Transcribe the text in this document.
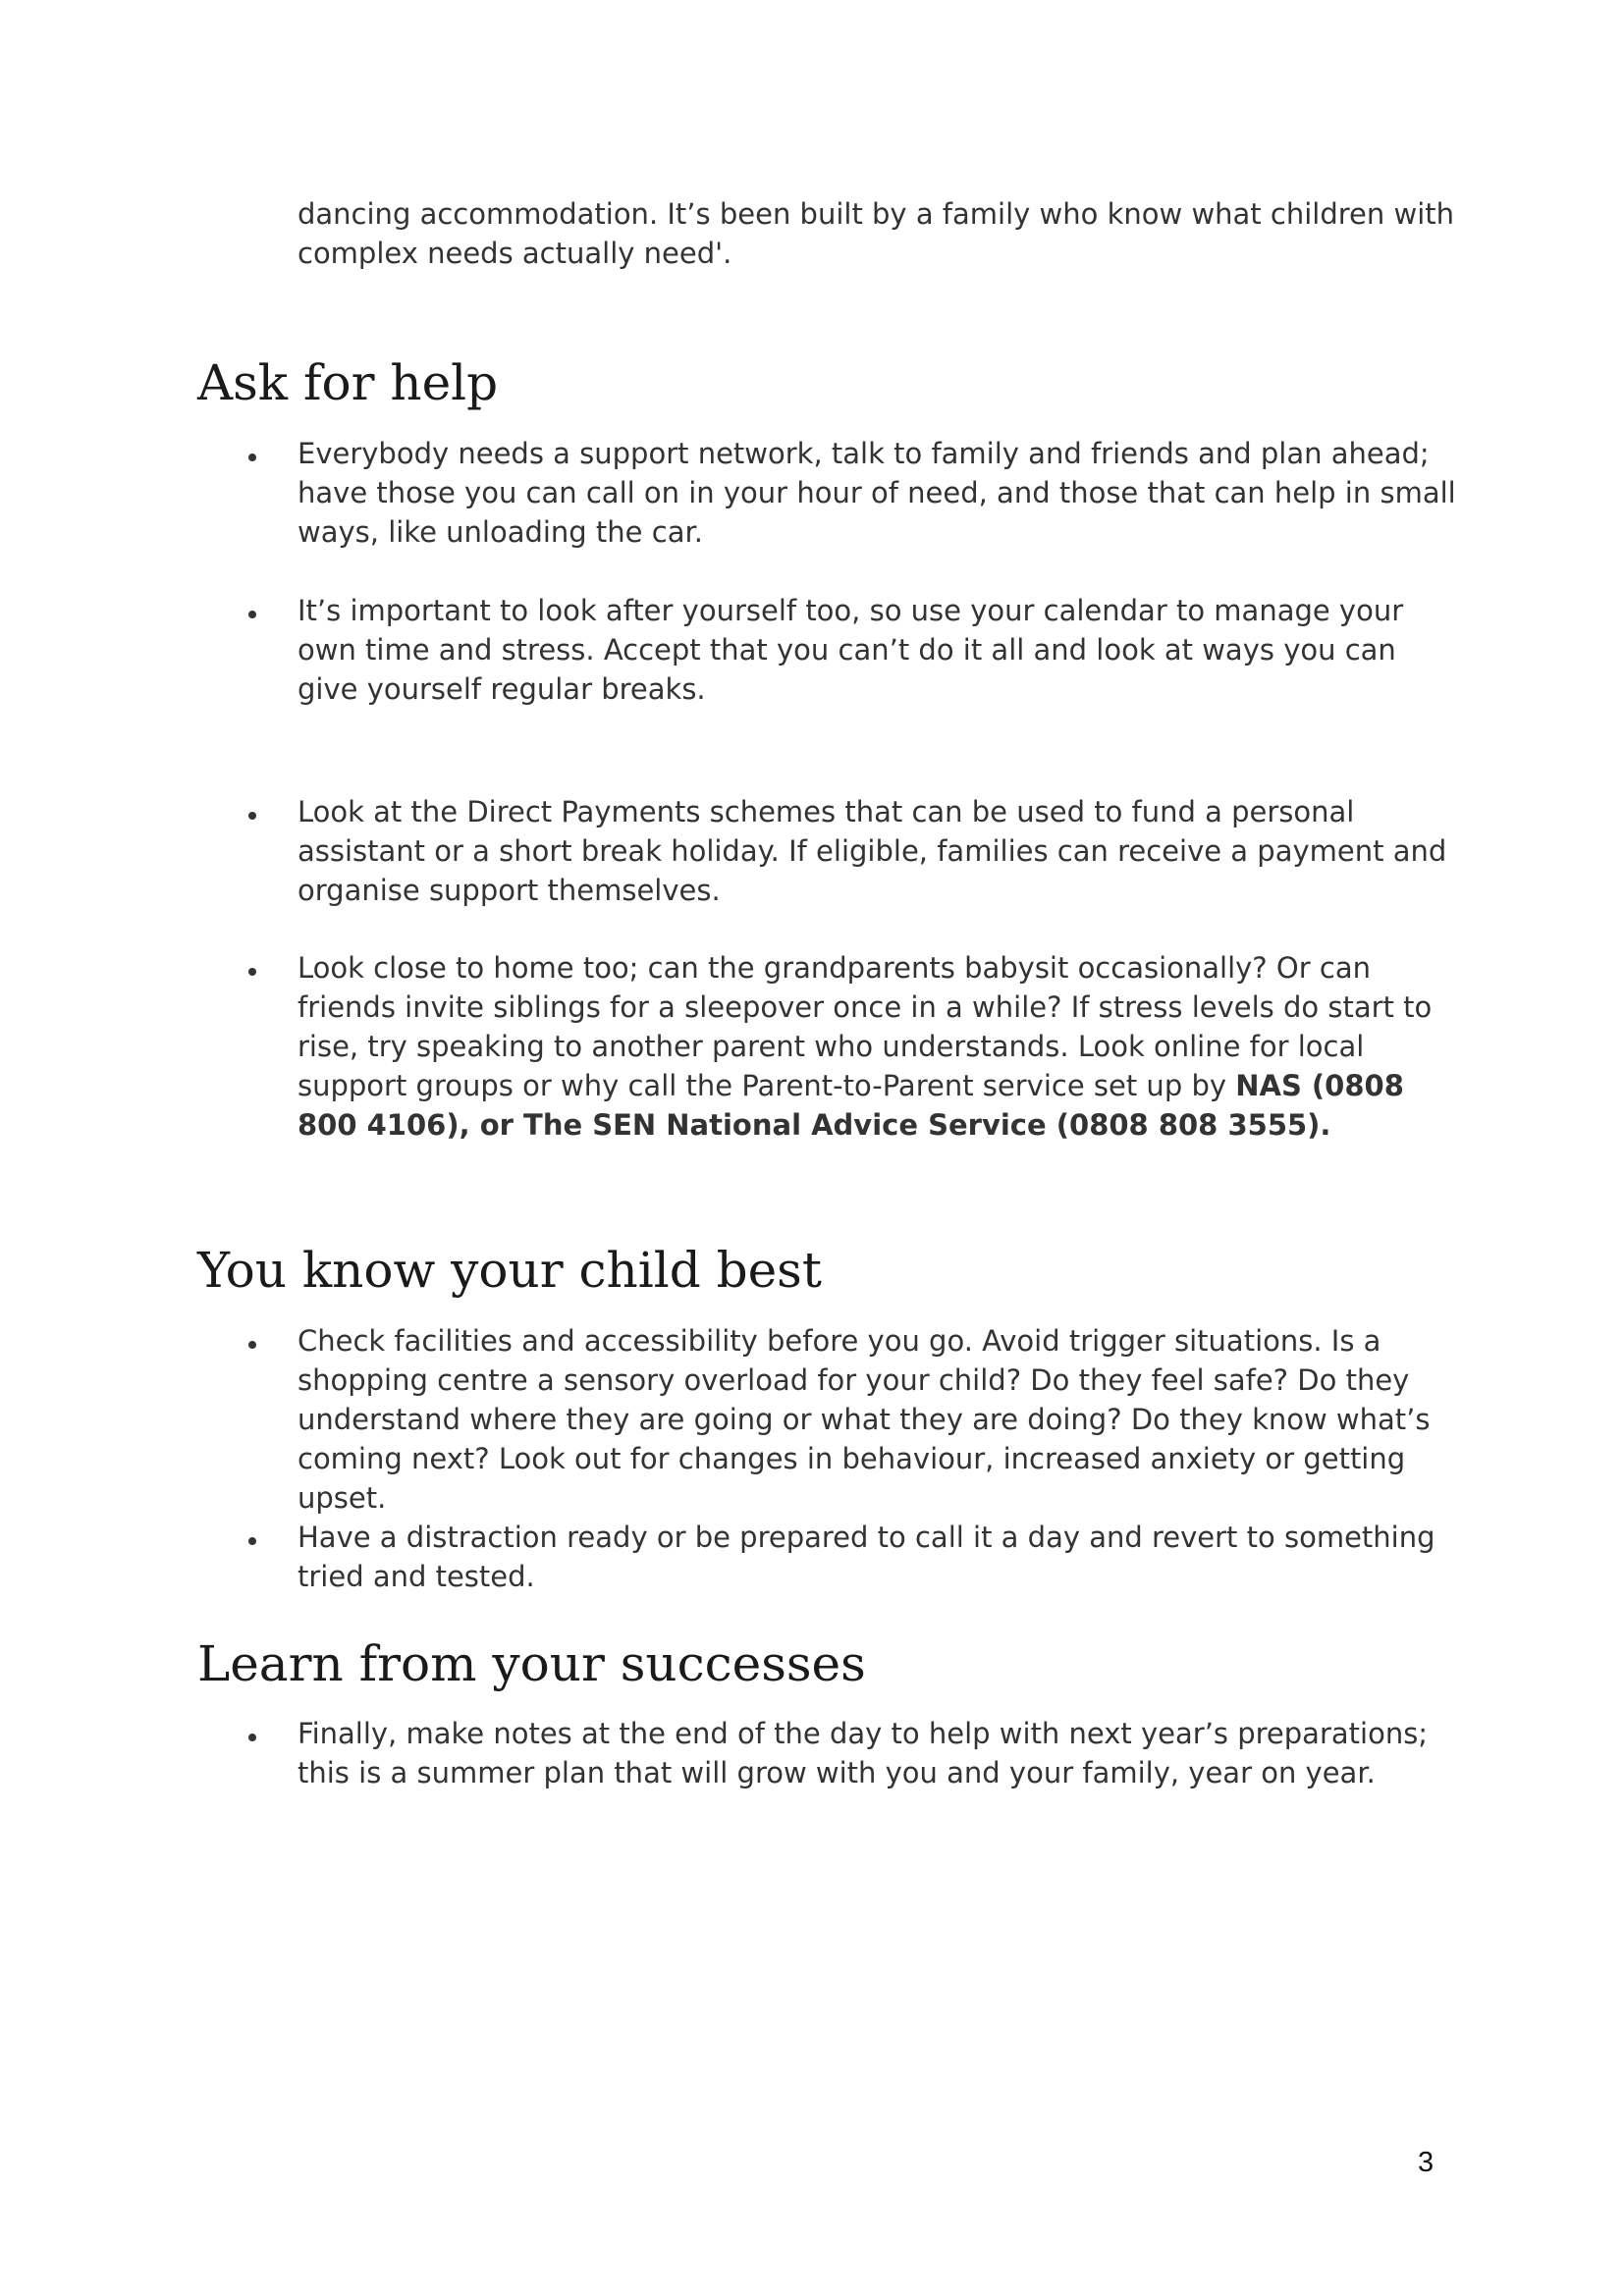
dancing accommodation. It’s been built by a family who know what children with complex needs actually need'.

Ask for help
Everybody needs a support network, talk to family and friends and plan ahead; have those you can call on in your hour of need, and those that can help in small ways, like unloading the car.
It’s important to look after yourself too, so use your calendar to manage your own time and stress. Accept that you can’t do it all and look at ways you can give yourself regular breaks.
Look at the Direct Payments schemes that can be used to fund a personal assistant or a short break holiday. If eligible, families can receive a payment and organise support themselves.
Look close to home too; can the grandparents babysit occasionally? Or can friends invite siblings for a sleepover once in a while? If stress levels do start to rise, try speaking to another parent who understands. Look online for local support groups or why call the Parent-to-Parent service set up by NAS (0808 800 4106), or The SEN National Advice Service (0808 808 3555).
You know your child best
Check facilities and accessibility before you go. Avoid trigger situations. Is a shopping centre a sensory overload for your child? Do they feel safe? Do they understand where they are going or what they are doing? Do they know what’s coming next? Look out for changes in behaviour, increased anxiety or getting upset.
Have a distraction ready or be prepared to call it a day and revert to something tried and tested.
Learn from your successes
Finally, make notes at the end of the day to help with next year’s preparations; this is a summer plan that will grow with you and your family, year on year.
3
